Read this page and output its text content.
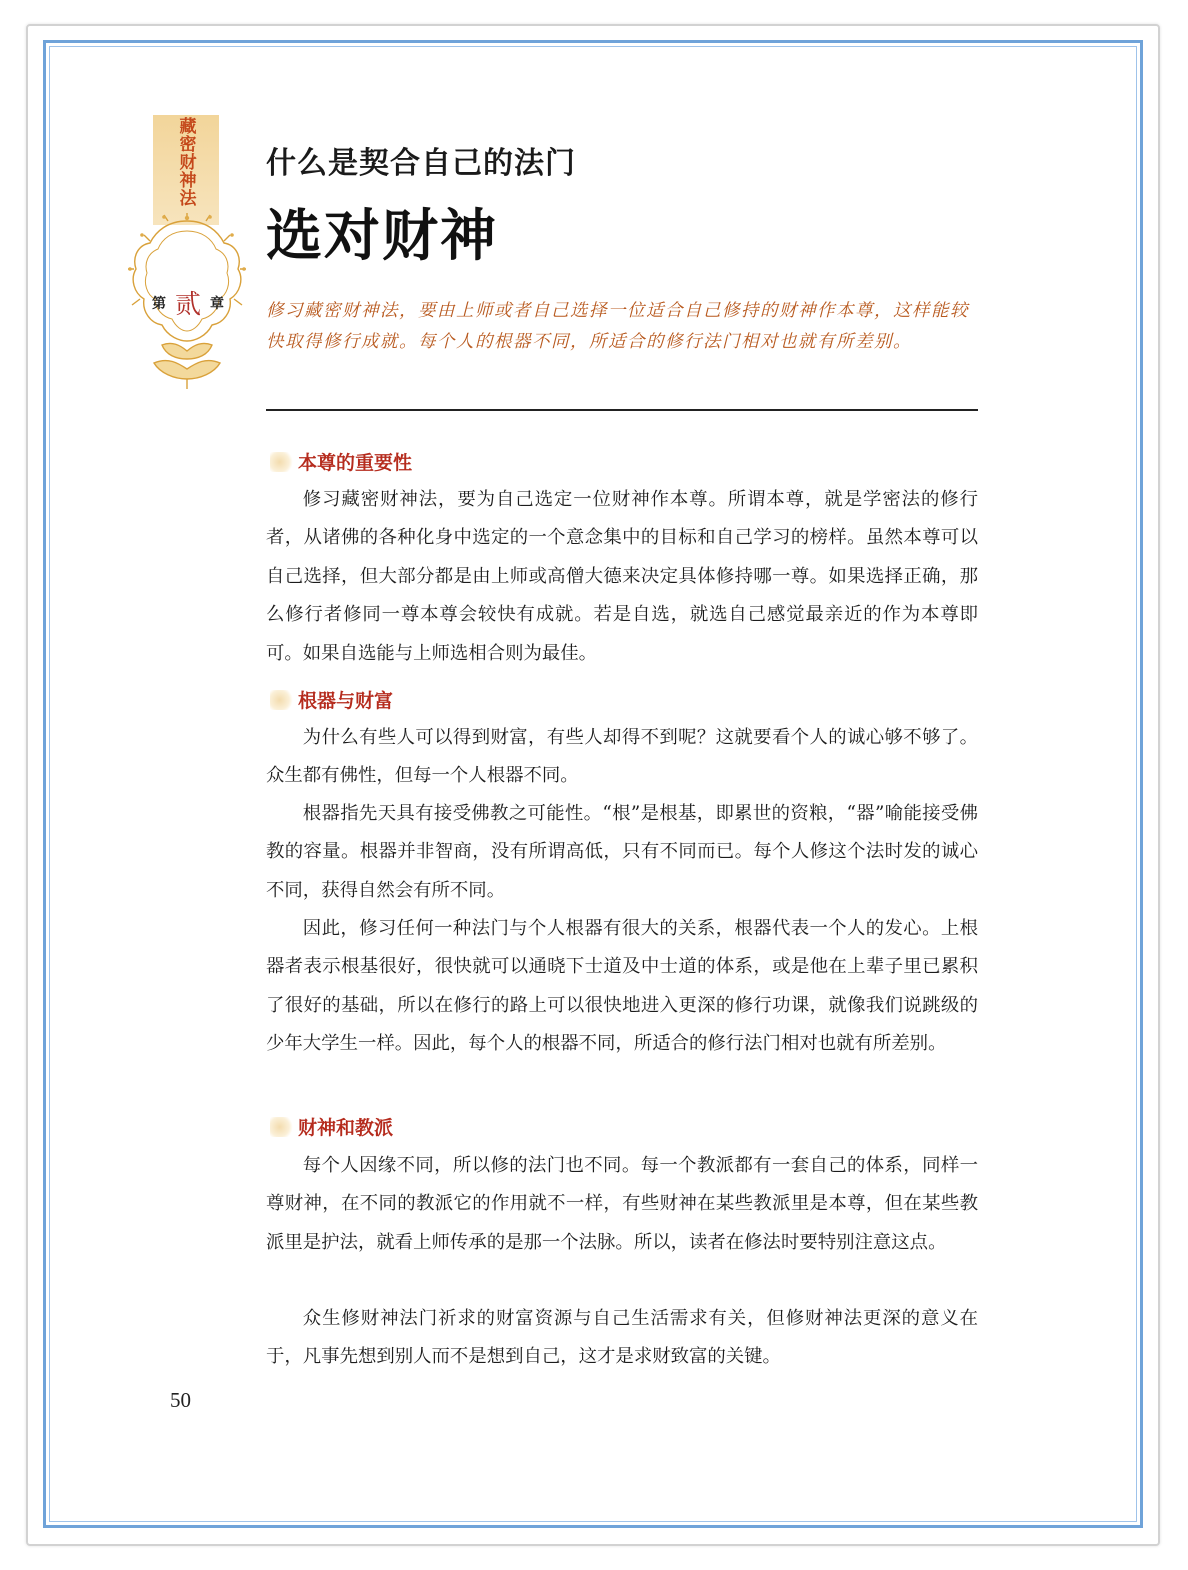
藏密财神法
第 贰 章
什么是契合自己的法门
选对财神

修习藏密财神法，要由上师或者自己选择一位适合自己修持的财神作本尊，这样能较快取得修行成就。每个人的根器不同，所适合的修行法门相对也就有所差别。

本尊的重要性

修习藏密财神法，要为自己选定一位财神作本尊。所谓本尊，就是学密法的修行者，从诸佛的各种化身中选定的一个意念集中的目标和自己学习的榜样。虽然本尊可以自己选择，但大部分都是由上师或高僧大德来决定具体修持哪一尊。如果选择正确，那么修行者修同一尊本尊会较快有成就。若是自选，就选自己感觉最亲近的作为本尊即可。如果自选能与上师选相合则为最佳。

根器与财富

为什么有些人可以得到财富，有些人却得不到呢？这就要看个人的诚心够不够了。众生都有佛性，但每一个人根器不同。

根器指先天具有接受佛教之可能性。“根”是根基，即累世的资粮，“器”喻能接受佛教的容量。根器并非智商，没有所谓高低，只有不同而已。每个人修这个法时发的诚心不同，获得自然会有所不同。

因此，修习任何一种法门与个人根器有很大的关系，根器代表一个人的发心。上根器者表示根基很好，很快就可以通晓下士道及中士道的体系，或是他在上辈子里已累积了很好的基础，所以在修行的路上可以很快地进入更深的修行功课，就像我们说跳级的少年大学生一样。因此，每个人的根器不同，所适合的修行法门相对也就有所差别。

财神和教派

每个人因缘不同，所以修的法门也不同。每一个教派都有一套自己的体系，同样一尊财神，在不同的教派它的作用就不一样，有些财神在某些教派里是本尊，但在某些教派里是护法，就看上师传承的是那一个法脉。所以，读者在修法时要特别注意这点。

众生修财神法门祈求的财富资源与自己生活需求有关，但修财神法更深的意义在于，凡事先想到别人而不是想到自己，这才是求财致富的关键。

50
